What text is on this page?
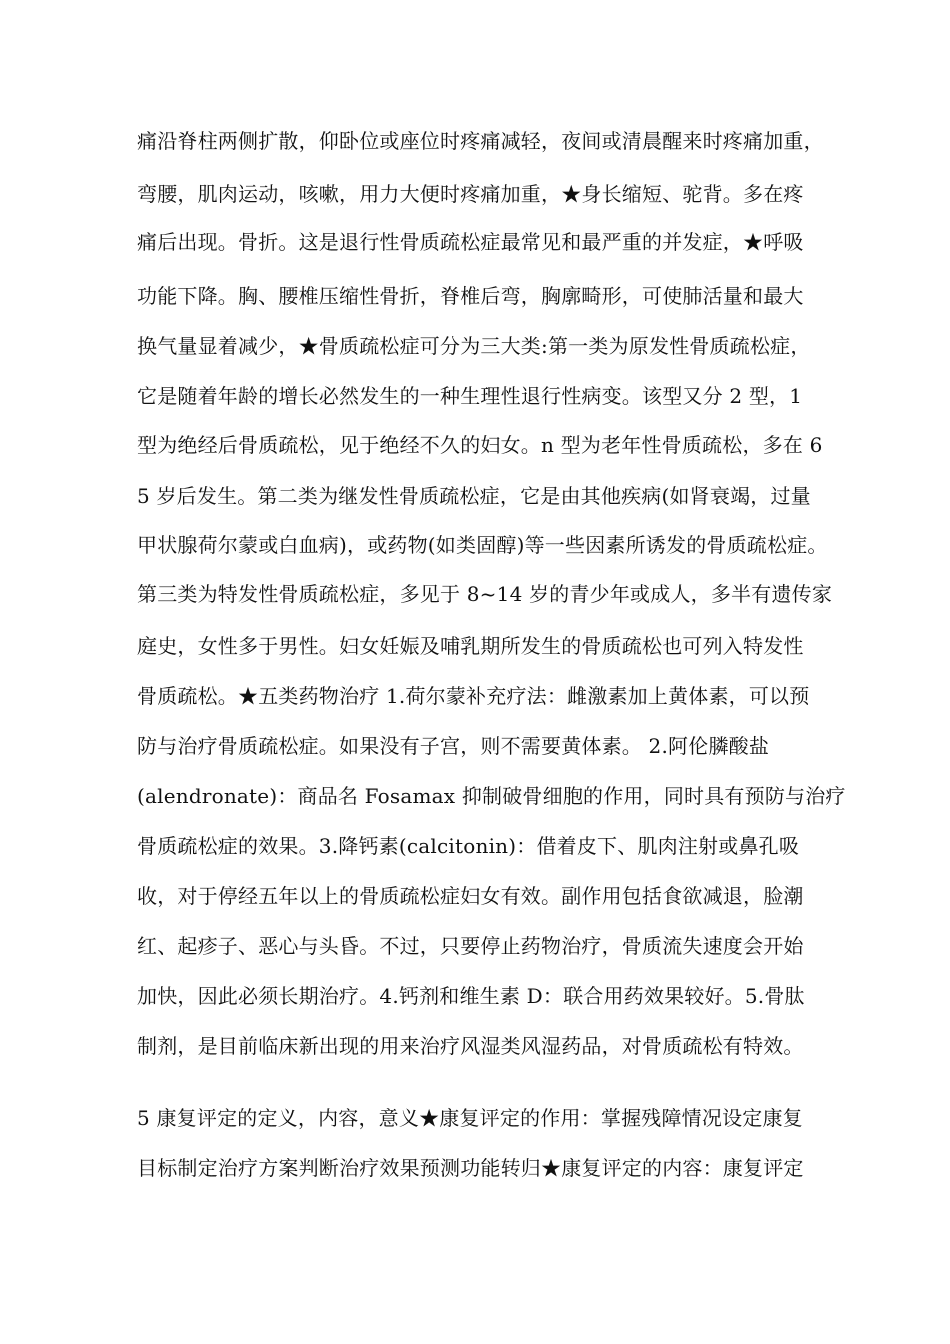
痛沿脊柱两侧扩散，仰卧位或座位时疼痛减轻，夜间或清晨醒来时疼痛加重，
弯腰，肌肉运动，咳嗽，用力大便时疼痛加重，★身长缩短、驼背。多在疼
痛后出现。骨折。这是退行性骨质疏松症最常见和最严重的并发症，★呼吸
功能下降。胸、腰椎压缩性骨折，脊椎后弯，胸廓畸形，可使肺活量和最大
换气量显着减少，★骨质疏松症可分为三大类:第一类为原发性骨质疏松症，
它是随着年龄的增长必然发生的一种生理性退行性病变。该型又分 2 型，1
型为绝经后骨质疏松，见于绝经不久的妇女。n 型为老年性骨质疏松，多在 6
5 岁后发生。第二类为继发性骨质疏松症，它是由其他疾病(如肾衰竭，过量
甲状腺荷尔蒙或白血病)，或药物(如类固醇)等一些因素所诱发的骨质疏松症。
第三类为特发性骨质疏松症，多见于 8~14 岁的青少年或成人，多半有遗传家
庭史，女性多于男性。妇女妊娠及哺乳期所发生的骨质疏松也可列入特发性
骨质疏松。★五类药物治疗 1.荷尔蒙补充疗法：雌激素加上黄体素，可以预
防与治疗骨质疏松症。如果没有子宫，则不需要黄体素。 2.阿伦膦酸盐
(alendronate)：商品名 Fosamax 抑制破骨细胞的作用，同时具有预防与治疗
骨质疏松症的效果。3.降钙素(calcitonin)：借着皮下、肌肉注射或鼻孔吸
收，对于停经五年以上的骨质疏松症妇女有效。副作用包括食欲减退，脸潮
红、起疹子、恶心与头昏。不过，只要停止药物治疗，骨质流失速度会开始
加快，因此必须长期治疗。4.钙剂和维生素 D：联合用药效果较好。5.骨肽
制剂，是目前临床新出现的用来治疗风湿类风湿药品，对骨质疏松有特效。
5 康复评定的定义，内容，意义★康复评定的作用：掌握残障情况设定康复
目标制定治疗方案判断治疗效果预测功能转归★康复评定的内容：康复评定
